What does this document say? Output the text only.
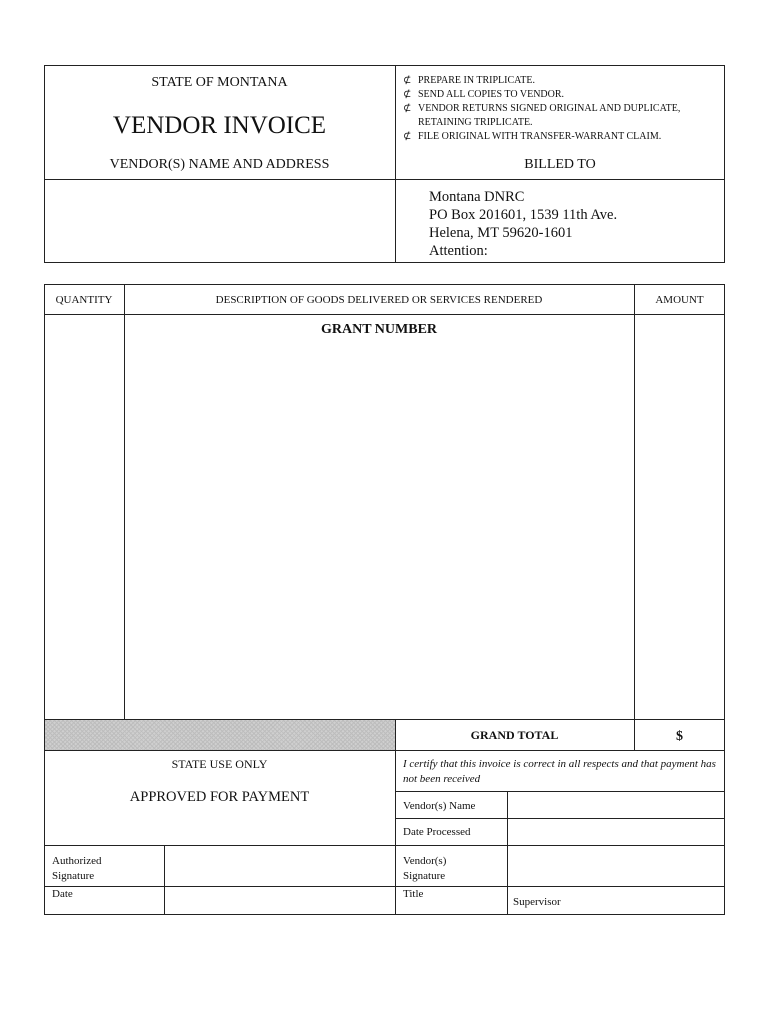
STATE OF MONTANA
VENDOR INVOICE
VENDOR(S) NAME AND ADDRESS
⊄ PREPARE IN TRIPLICATE.
⊄ SEND ALL COPIES TO VENDOR.
⊄ VENDOR RETURNS SIGNED ORIGINAL AND DUPLICATE,
RETAINING TRIPLICATE.
⊄ FILE ORIGINAL WITH TRANSFER-WARRANT CLAIM.
BILLED TO
Montana DNRC
PO Box 201601, 1539 11th Ave.
Helena, MT 59620-1601
Attention:
QUANTITY	DESCRIPTION OF GOODS DELIVERED OR SERVICES RENDERED	AMOUNT
GRANT NUMBER
GRAND TOTAL	$
STATE USE ONLY
APPROVED FOR PAYMENT
Authorized
Signature
Date
I certify that this invoice is correct in all respects and that payment has not been received
Vendor(s) Name
Date Processed
Vendor(s)
Signature
Title
Supervisor
